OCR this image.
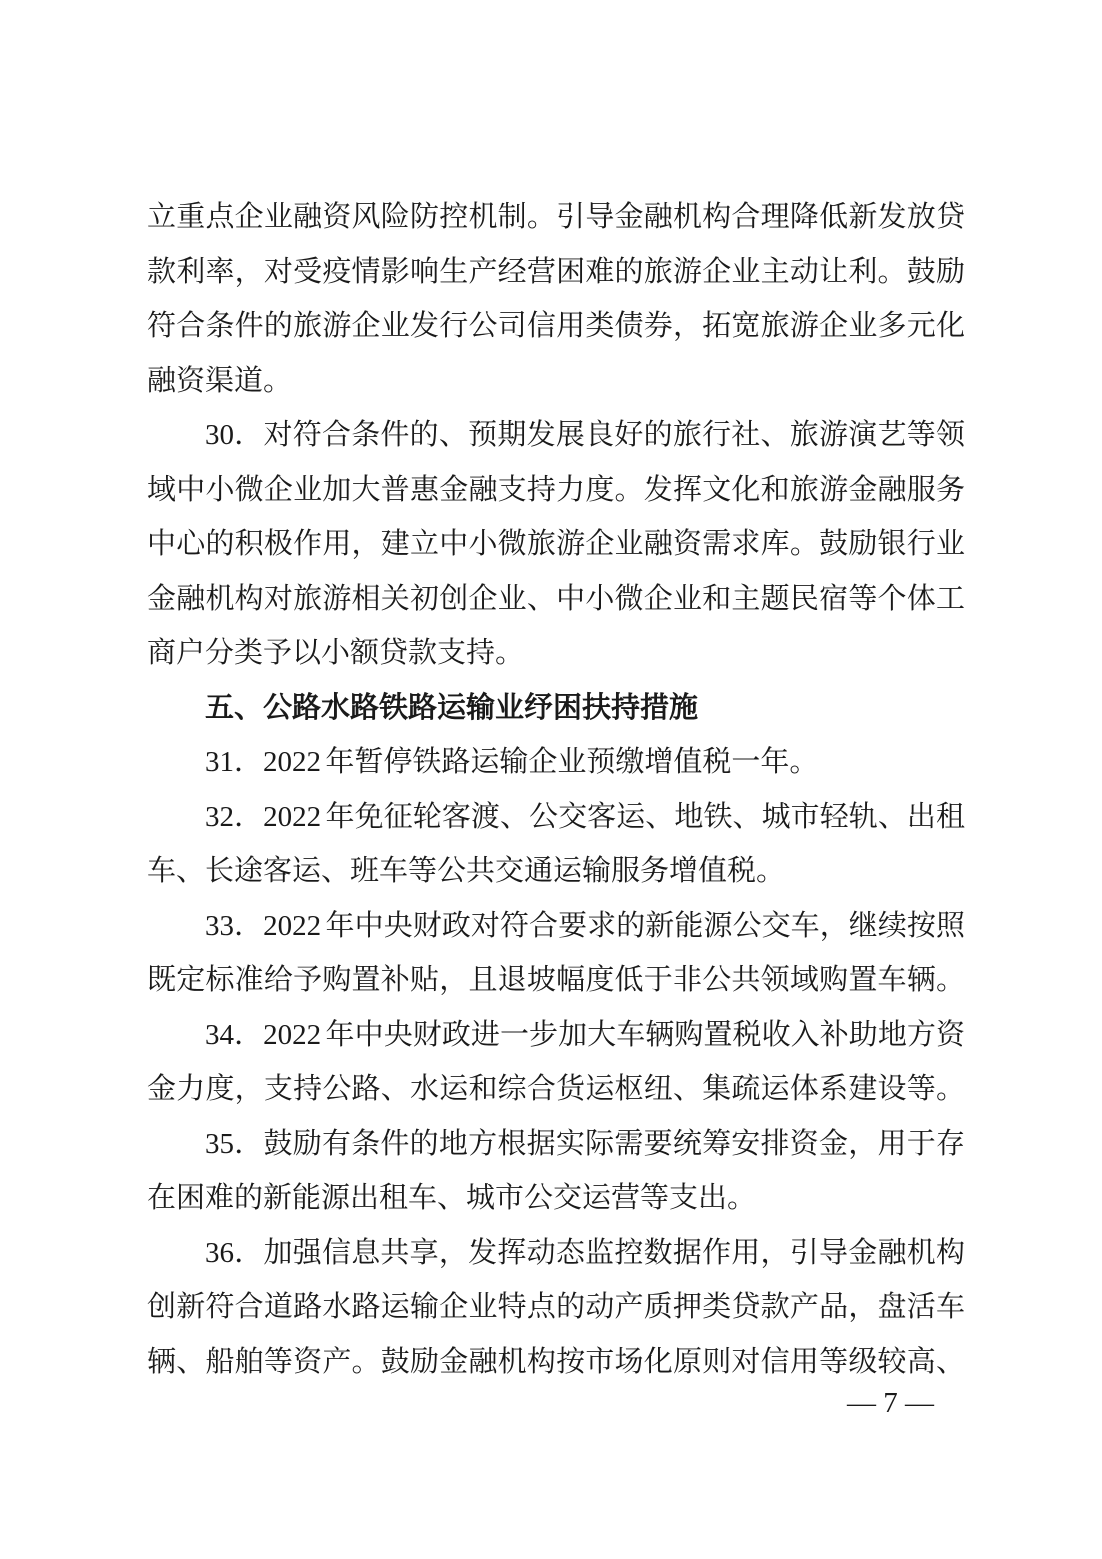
立重点企业融资风险防控机制。引导金融机构合理降低新发放贷
款利率，对受疫情影响生产经营困难的旅游企业主动让利。鼓励
符合条件的旅游企业发行公司信用类债券，拓宽旅游企业多元化
融资渠道。

30．对符合条件的、预期发展良好的旅行社、旅游演艺等领
域中小微企业加大普惠金融支持力度。发挥文化和旅游金融服务
中心的积极作用，建立中小微旅游企业融资需求库。鼓励银行业
金融机构对旅游相关初创企业、中小微企业和主题民宿等个体工
商户分类予以小额贷款支持。

五、公路水路铁路运输业纾困扶持措施

31．2022 年暂停铁路运输企业预缴增值税一年。

32．2022 年免征轮客渡、公交客运、地铁、城市轻轨、出租
车、长途客运、班车等公共交通运输服务增值税。

33．2022 年中央财政对符合要求的新能源公交车，继续按照
既定标准给予购置补贴，且退坡幅度低于非公共领域购置车辆。

34．2022 年中央财政进一步加大车辆购置税收入补助地方资
金力度，支持公路、水运和综合货运枢纽、集疏运体系建设等。

35．鼓励有条件的地方根据实际需要统筹安排资金，用于存
在困难的新能源出租车、城市公交运营等支出。

36．加强信息共享，发挥动态监控数据作用，引导金融机构
创新符合道路水路运输企业特点的动产质押类贷款产品，盘活车
辆、船舶等资产。鼓励金融机构按市场化原则对信用等级较高、

— 7 —
